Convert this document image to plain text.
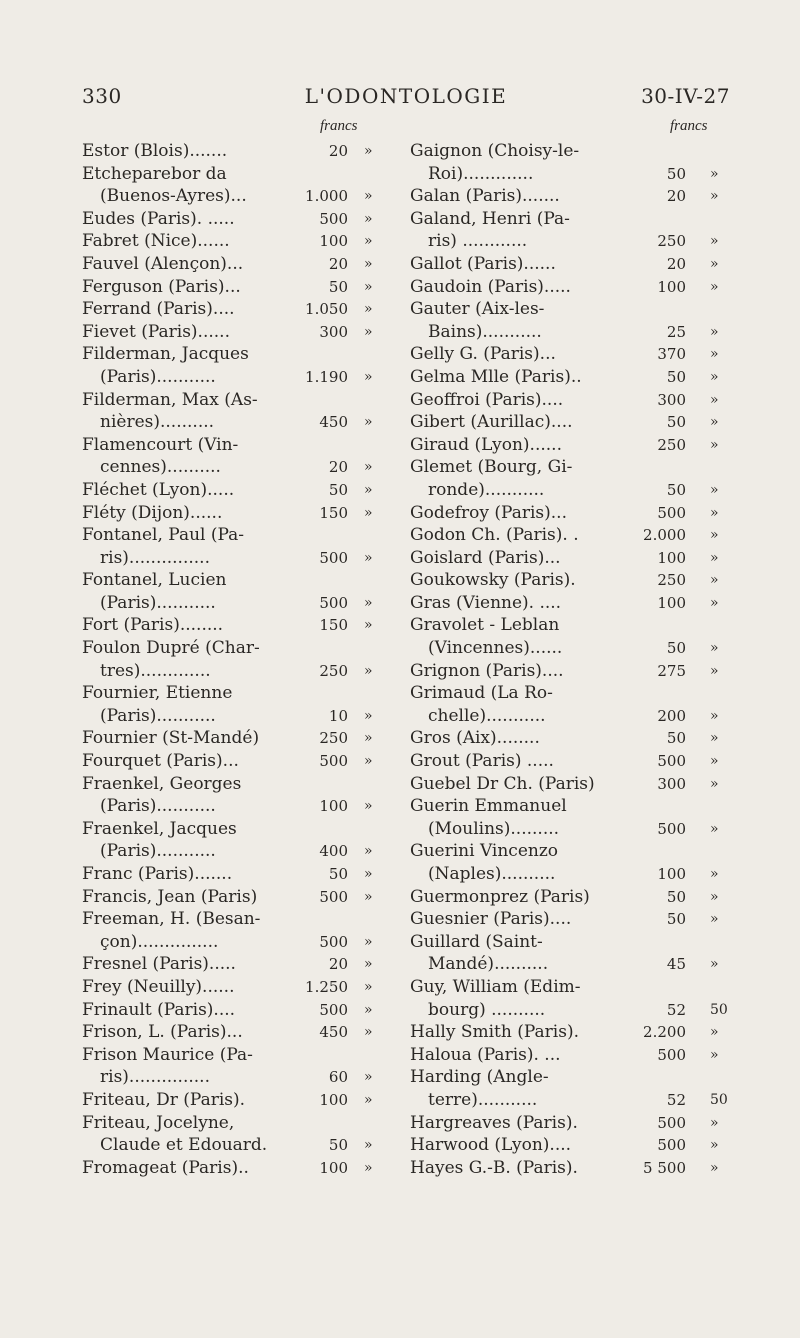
330	L'ODONTOLOGIE	30-IV-27
francs
Estor (Blois).......	20 »
Etcheparebor da
(Buenos-Ayres)...	1.000 »
Eudes (Paris). .....	500 »
Fabret (Nice)......	100 »
Fauvel (Alençon)...	20 »
Ferguson (Paris)...	50 »
Ferrand (Paris)....	1.050 »
Fievet (Paris)......	300 »
Filderman, Jacques
(Paris)...........	1.190 »
Filderman, Max (As-
nières)..........	450 »
Flamencourt (Vin-
cennes)..........	20 »
Fléchet (Lyon).....	50 »
Fléty (Dijon)......	150 »
Fontanel, Paul (Pa-
ris)...............	500 »
Fontanel, Lucien
(Paris)...........	500 »
Fort (Paris)........	150 »
Foulon Dupré (Char-
tres).............	250 »
Fournier, Etienne
(Paris)...........	10 »
Fournier (St-Mandé)	250 »
Fourquet (Paris)...	500 »
Fraenkel, Georges
(Paris)...........	100 »
Fraenkel, Jacques
(Paris)...........	400 »
Franc (Paris).......	50 »
Francis, Jean (Paris)	500 »
Freeman, H. (Besan-
çon)...............	500 »
Fresnel (Paris).....	20 »
Frey (Neuilly)......	1.250 »
Frinault (Paris)....	500 »
Frison, L. (Paris)...	450 »
Frison Maurice (Pa-
ris)...............	60 »
Friteau, Dr (Paris).	100 »
Friteau, Jocelyne,
Claude et Edouard.	50 »
Fromageat (Paris)..	100 »
francs
Gaignon (Choisy-le-
Roi).............	50 »
Galan (Paris).......	20 »
Galand, Henri (Pa-
ris) ............	250 »
Gallot (Paris)......	20 »
Gaudoin (Paris).....	100 »
Gauter (Aix-les-
Bains)...........	25 »
Gelly G. (Paris)...	370 »
Gelma Mlle (Paris)..	50 »
Geoffroi (Paris)....	300 »
Gibert (Aurillac)....	50 »
Giraud (Lyon)......	250 »
Glemet (Bourg, Gi-
ronde)...........	50 »
Godefroy (Paris)...	500 »
Godon Ch. (Paris). .	2.000 »
Goislard (Paris)...	100 »
Goukowsky (Paris).	250 »
Gras (Vienne). ....	100 »
Gravolet - Leblan
(Vincennes)......	50 »
Grignon (Paris)....	275 »
Grimaud (La Ro-
chelle)...........	200 »
Gros (Aix)........	50 »
Grout (Paris) .....	500 »
Guebel Dr Ch. (Paris)	300 »
Guerin Emmanuel
(Moulins).........	500 »
Guerini Vincenzo
(Naples)..........	100 »
Guermonprez (Paris)	50 »
Guesnier (Paris)....	50 »
Guillard (Saint-
Mandé)..........	45 »
Guy, William (Edim-
bourg) ..........	52 50
Hally Smith (Paris).	2.200 »
Haloua (Paris). ...	500 »
Harding (Angle-
terre)...........	52 50
Hargreaves (Paris).	500 »
Harwood (Lyon)....	500 »
Hayes G.-B. (Paris).	5 500 »
